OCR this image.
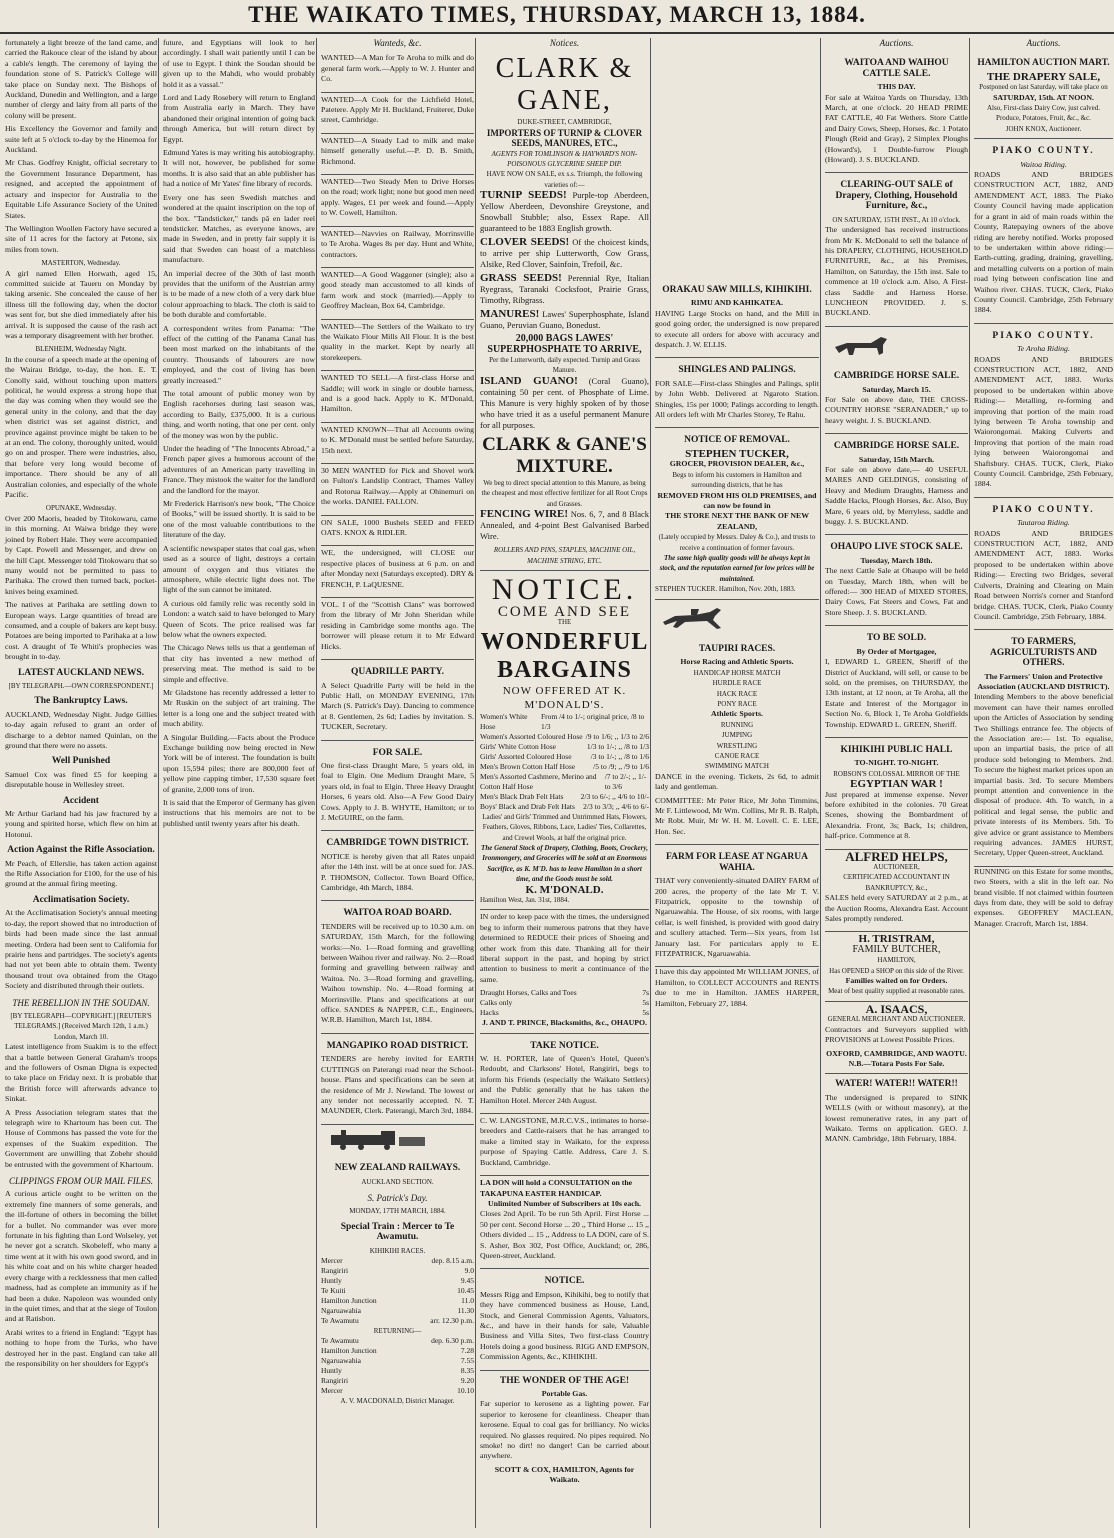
THE WAIKATO TIMES, THURSDAY, MARCH 13, 1884.

fortunately a light breeze of the land came, and carried the Rakouce clear of the island by about a cable's length. The ceremony of laying the foundation stone of S. Patrick's College will take place on Sunday next. The Bishops of Auckland, Dunedin and Wellington, and a large number of clergy and laity from all parts of the colony will be present.

His Excellency the Governor and family and suite left at 5 o'clock to-day by the Hinemoa for Auckland.

Mr Chas. Godfrey Knight, official secretary to the Government Insurance Department, has resigned, and accepted the appointment of actuary and inspector for Australia to the Equitable Life Assurance Society of the United States.

The Wellington Woollen Factory have secured a site of 11 acres for the factory at Petone, six miles from town.

MASTERTON, Wednesday.

A girl named Ellen Horwath, aged 15, committed suicide at Taueru on Monday by taking arsenic. She concealed the cause of her illness till the following day, when the doctor was sent for, but she died immediately after his arrival. It is supposed the cause of the rash act was a temporary disagreement with her brother.

BLENHEIM, Wednesday Night.

In the course of a speech made at the opening of the Wairau Bridge, to-day, the hon. E. T. Conolly said, without touching upon matters political, he would express a strong hope that the day was coming when they would see the general unity in the colony, and that the day when district was set against district, and province against province might be taken to be at an end. The colony, thoroughly united, would go on and prosper. There were industries, also, that before very long would become of importance. There should be any of all Australian colonies, and especially of the whole Pacific.

OPUNAKE, Wednesday.

Over 200 Maoris, headed by Titokowaru, came in this morning. At Waiwa bridge they were joined by Robert Hale. They were accompanied by Capt. Powell and Messenger, and drew on the hill Capt. Messenger told Titokowaru that so many would not be permitted to pass to Parihaka. The crowd then turned back, pocket-knives being examined.

The natives at Parihaka are settling down to European ways. Large quantities of bread are consumed, and a couple of bakers are kept busy. Potatoes are being imported to Parihaka at a low cost. A draught of Te Whiti's prophecies was brought in to-day.

LATEST AUCKLAND NEWS.
[BY TELEGRAPH.—OWN CORRESPONDENT.]
The Bankruptcy Laws.

AUCKLAND, Wednesday Night. Judge Gillies to-day again refused to grant an order of discharge to a debtor named Quinlan, on the ground that there were no assets.

Well Punished

Samuel Cox was fined £5 for keeping a disreputable house in Wellesley street.

Accident

Mr Arthur Garland had his jaw fractured by a young and spirited horse, which flew on him at Hotonui.

Action Against the Rifle Association.

Mr Peach, of Ellerslie, has taken action against the Rifle Association for £100, for the use of his ground at the annual firing meeting.

Acclimatisation Society.

At the Acclimatisation Society's annual meeting to-day, the report showed that no introduction of birds had been made since the last annual meeting. Ordera had been sent to California for prairie hens and partridges. The society's agents had not yet been able to obtain them. Twenty thousand trout ova obtained from the Otago Society and distributed through their outlets.

THE REBELLION IN THE SOUDAN.
[BY TELEGRAPH—COPYRIGHT.] [REUTER'S TELEGRAMS.] (Received March 12th, 1 a.m.) London, March 10.

Latest intelligence from Suakim is to the effect that a battle between General Graham's troops and the followers of Osman Digna is expected to take place on Friday next. It is probable that the British force will afterwards advance to Sinkat.

A Press Association telegram states that the telegraph wire to Khartoum has been cut. The House of Commons has passed the vote for the expenses of the Suakim expedition. The Government are unwilling that Zobehr should be entrusted with the government of Khartoum.

CLIPPINGS FROM OUR MAIL FILES.

A curious article ought to be written on the extremely fine manners of some generals, and the ill-fortune of others in becoming the billet for a bullet. No commander was ever more fortunate in his fighting than Lord Wolseley, yet he never got a scratch. Skobeleff, who many a time went at it with his own good sword, and in his white coat and on his white charger headed every charge with a recklessness that men called madness, had as complete an immunity as if he had been a duke. Napoleon was wounded only in the quiet times, and that at the siege of Toulon and at Ratisbon.

Arabi writes to a friend in England: "Egypt has nothing to hope from the Turks, who have destroyed her in the past. England can take all the responsibility on her shoulders for Egypt's

future, and Egyptians will look to her accordingly. I shall wait patiently until I can be of use to Egypt. I think the Soudan should be given up to the Mahdi, who would probably hold it as a vassal."

Lord and Lady Rosebery will return to England from Australia early in March. They have abandoned their original intention of going back through America, but will return direct by Egypt.

Edmund Yates is may writing his autobiography. It will not, however, be published for some months. It is also said that an able publisher has had a notice of Mr Yates' fine library of records.

Every one has seen Swedish matches and wondered at the quaint inscription on the top of the box. "Tandsticker," tands pâ en lader reel tendsticker. Matches, as everyone knows, are made in Sweden, and in pretty fair supply it is said that Sweden can boast of a matchless manufacture.

An imperial decree of the 30th of last month provides that the uniform of the Austrian army is to be made of a new cloth of a very dark blue colour approaching to black. The cloth is said to be both durable and comfortable.

A correspondent writes from Panama: "The effect of the cutting of the Panama Canal has been most marked on the inhabitants of the country. Thousands of labourers are now employed, and the cost of living has been greatly increased."

The total amount of public money won by English racehorses during last season was, according to Baily, £375,000. It is a curious thing, and worth noting, that one per cent. only of the money was won by the public.

Under the heading of "The Innocents Abroad," a French paper gives a humorous account of the adventures of an American party travelling in France. They mistook the waiter for the landlord and the landlord for the mayor.

Mr Frederick Harrison's new book, "The Choice of Books," will be issued shortly. It is said to be one of the most valuable contributions to the literature of the day.

A scientific newspaper states that coal gas, when used as a source of light, destroys a certain amount of oxygen and thus vitiates the atmosphere, while electric light does not. The light of the sun cannot be imitated.

A curious old family relic was recently sold in London: a watch said to have belonged to Mary Queen of Scots. The price realised was far below what the owners expected.

The Chicago News tells us that a gentleman of that city has invented a new method of preserving meat. The method is said to be simple and effective.

Mr Gladstone has recently addressed a letter to Mr Ruskin on the subject of art training. The letter is a long one and the subject treated with much ability.

A Singular Building.—Facts about the Produce Exchange building now being erected in New York will be of interest. The foundation is built upon 15,594 piles; there are 800,000 feet of yellow pine capping timber, 17,530 square feet of granite, 2,000 tons of iron.

It is said that the Emperor of Germany has given instructions that his memoirs are not to be published until twenty years after his death.

Wanteds, &c.

WANTED—A Man for Te Aroha to milk and do general farm work.—Apply to W. J. Hunter and Co.

WANTED—A Cook for the Lichfield Hotel, Patetere. Apply Mr H. Buckland, Fruiterer, Duke street, Cambridge.

WANTED—A Steady Lad to milk and make himself generally useful.—P. D. B. Smith, Richmond.

WANTED—Two Steady Men to Drive Horses on the road; work light; none but good men need apply. Wages, £1 per week and found.—Apply to W. Cowell, Hamilton.

WANTED—Navvies on Railway, Morrinsville to Te Aroha. Wages 8s per day. Hunt and White, contractors.

WANTED—A Good Waggoner (single); also a good steady man accustomed to all kinds of farm work and stock (married).—Apply to Geoffrey Maclean, Box 64, Cambridge.

WANTED—The Settlers of the Waikato to try the Waikato Flour Mills All Flour. It is the best quality in the market. Kept by nearly all storekeepers.

WANTED TO SELL—A first-class Horse and Saddle; will work in single or double harness, and is a good hack. Apply to K. M'Donald, Hamilton.

WANTED KNOWN—That all Accounts owing to K. M'Donald must be settled before Saturday, 15th next.

30 MEN WANTED for Pick and Shovel work on Fulton's Landslip Contract, Thames Valley and Rotorua Railway.—Apply at Ohinemuri on the works. DANIEL FALLON.

ON SALE, 1000 Bushels SEED and FEED OATS. KNOX & RIDLER.

WE, the undersigned, will CLOSE our respective places of business at 6 p.m. on and after Monday next (Saturdays excepted). DRY & FRENCH, P. LaQUESNE.

VOL. I of the "Scottish Clans" was borrowed from the library of Mr John Sheridan while residing in Cambridge some months ago. The borrower will please return it to Mr Edward Hicks.

QUADRILLE PARTY.

A Select Quadrille Party will be held in the Public Hall, on MONDAY EVENING, 17th March (S. Patrick's Day). Dancing to commence at 8. Gentlemen, 2s 6d; Ladies by invitation. S. TUCKER, Secretary.

FOR SALE.

One first-class Draught Mare, 5 years old, in foal to Elgin. One Medium Draught Mare, 5 years old, in foal to Elgin. Three Heavy Draught Horses, 6 years old. Also—A Few Good Dairy Cows. Apply to J. B. WHYTE, Hamilton; or to J. McGUIRE, on the farm.

CAMBRIDGE TOWN DISTRICT.

NOTICE is hereby given that all Rates unpaid after the 14th inst. will be at once sued for. JAS. P. THOMSON, Collector. Town Board Office, Cambridge, 4th March, 1884.

WAITOA ROAD BOARD.

TENDERS will be received up to 10.30 a.m. on SATURDAY, 15th March, for the following works:—No. 1—Road forming and gravelling between Waihou river and railway. No. 2—Road forming and gravelling between railway and Waitoa. No. 3—Road forming and gravelling, Waihou township. No. 4—Road forming at Morrinsville. Plans and specifications at our office. SANDES & NAPPER, C.E., Engineers, W.R.B. Hamilton, March 1st, 1884.

MANGAPIKO ROAD DISTRICT.

TENDERS are hereby invited for EARTH CUTTINGS on Paterangi road near the School-house. Plans and specifications can be seen at the residence of Mr J. Newland. The lowest or any tender not necessarily accepted. N. T. MAUNDER, Clerk. Paterangi, March 3rd, 1884.

NEW ZEALAND RAILWAYS.
AUCKLAND SECTION.
S. Patrick's Day.
MONDAY, 17TH MARCH, 1884.
Special Train : Mercer to Te Awamutu.
KIHIKIHI RACES.
Mercer	dep. 8.15 a.m.
Rangiriri	9.0
Huntly	9.45
Te Kuiti	10.45
Hamilton Junction	11.0
Ngaruawahia	11.30
Te Awamutu	arr. 12.30 p.m.
RETURNING—
Te Awamutu	dep. 6.30 p.m.
Hamilton Junction	7.28
Ngaruawahia	7.55
Huntly	8.35
Rangiriri	9.20
Mercer	10.10
A. V. MACDONALD, District Manager.
Notices.
CLARK & GANE,
DUKE-STREET, CAMBRIDGE,
IMPORTERS OF TURNIP & CLOVER SEEDS, MANURES, ETC.,
AGENTS FOR TOMLINSON & HAYWARD'S NON-POISONOUS GLYCERINE SHEEP DIP.
HAVE NOW ON SALE, ex s.s. Triumph, the following varieties of:—

TURNIP SEEDS! Purple-top Aberdeen, Yellow Aberdeen, Devonshire Greystone, and Snowball Stubble; also, Essex Rape. All guaranteed to be 1883 English growth.

CLOVER SEEDS! Of the choicest kinds, to arrive per ship Lutterworth, Cow Grass, Alsike, Red Clover, Sainfoin, Trefoil, &c.

GRASS SEEDS! Perennial Rye, Italian Ryegrass, Taranaki Cocksfoot, Prairie Grass, Timothy, Ribgrass.

MANURES! Lawes' Superphosphate, Island Guano, Peruvian Guano, Bonedust.

20,000 BAGS LAWES' SUPERPHOSPHATE TO ARRIVE,
Per the Lutterworth, daily expected. Turnip and Grass Manure.

ISLAND GUANO! (Coral Guano), containing 50 per cent. of Phosphate of Lime. This Manure is very highly spoken of by those who have tried it as a useful permanent Manure for all purposes.

CLARK & GANE'S MIXTURE.
We beg to direct special attention to this Manure, as being the cheapest and most effective fertilizer for all Root Crops and Grasses.

FENCING WIRE! Nos. 6, 7, and 8 Black Annealed, and 4-point Best Galvanised Barbed Wire.

ROLLERS AND PINS, STAPLES, MACHINE OIL, MACHINE STRING, ETC.
NOTICE.
COME AND SEE
THE
WONDERFUL BARGAINS
NOW OFFERED AT K. M'DONALD'S.
Women's White Hose
From /4 to 1/-; original price, /8 to 1/3
Women's Assorted Coloured Hose /9 to 1/6; ,, 1/3 to 2/6
Girls' White Cotton Hose	1/3 to 1/-; ,, /8 to 1/3
Girls' Assorted Coloured Hose	/3 to 1/-; ,, /8 to 1/6
Men's Brown Cotton Half Hose /5 to /9; ,, /9 to 1/6
Men's Assorted Cashmere, Merino and Cotton Half Hose
/7 to 2/-; ,, 1/- to 3/6
Men's Black Drab Felt Hats 2/3 to 6/-; ,, 4/6 to 10/-
Boys' Black and Drab Felt Hats 2/3 to 3/3; ,, 4/6 to 6/-
Ladies' and Girls' Trimmed and Untrimmed Hats, Flowers, Feathers, Gloves, Ribbons, Lace, Ladies' Ties, Collarettes, and Crewel Wools, at half the original price.
The General Stock of Drapery, Clothing, Boots, Crockery, Ironmongery, and Groceries will be sold at an Enormous Sacrifice, as K. M'D. has to leave Hamilton in a short time, and the Goods must be sold.
K. M'DONALD.
Hamilton West, Jan. 31st, 1884.

IN order to keep pace with the times, the undersigned beg to inform their numerous patrons that they have determined to REDUCE their prices of Shoeing and other work from this date. Thanking all for their liberal support in the past, and hoping by strict attention to business to merit a continuance of the same.

Draught Horses, Calks and Toes	7s
Calks only	5s
Hacks	5s
J. AND T. PRINCE, Blacksmiths, &c., OHAUPO.
TAKE NOTICE.

W. H. PORTER, late of Queen's Hotel, Queen's Redoubt, and Clarksons' Hotel, Rangiriri, begs to inform his Friends (especially the Waikato Settlers) and the Public generally that he has taken the Hamilton Hotel. Mercer 24th August.

C. W. LANGSTONE, M.R.C.V.S., intimates to horse-breeders and Cattle-raisers that he has arranged to make a limited stay in Waikato, for the express purpose of Spaying Cattle. Address, Care J. S. Buckland, Cambridge.

LA DON will hold a CONSULTATION on the TAKAPUNA EASTER HANDICAP.
Unlimited Number of Subscribers at 10s each.

Closes 2nd April. To be run 5th April. First Horse ... 50 per cent. Second Horse ... 20 ,, Third Horse ... 15 ,, Others divided ... 15 ,, Address to LA DON, care of S. S. Asher, Box 302, Post Office, Auckland; or, 286, Queen-street, Auckland.

NOTICE.

Messrs Rigg and Empson, Kihikihi, beg to notify that they have commenced business as House, Land, Stock, and General Commission Agents, Valuators, &c., and have in their hands for sale, Valuable Business and Villa Sites, Two first-class Country Hotels doing a good business. RIGG AND EMPSON, Commission Agents, &c., KIHIKIHI.

THE WONDER OF THE AGE!
Portable Gas.

Far superior to kerosene as a lighting power. Far superior to kerosene for cleanliness. Cheaper than kerosene. Equal to coal gas for brilliancy. No wicks required. No glasses required. No pipes required. No smoke! no dirt! no danger! Can be carried about anywhere.

SCOTT & COX, HAMILTON, Agents for Waikato.
ORAKAU SAW MILLS, KIHIKIHI.
RIMU AND KAHIKATEA.

HAVING Large Stocks on hand, and the Mill in good going order, the undersigned is now prepared to execute all orders for above with accuracy and despatch. J. W. ELLIS.

SHINGLES AND PALINGS.

FOR SALE—First-class Shingles and Palings, split by John Webb. Delivered at Ngaroto Station. Shingles, 15s per 1000; Palings according to length. All orders left with Mr Charles Storey, Te Rahu.

NOTICE OF REMOVAL.
STEPHEN TUCKER,
GROCER, PROVISION DEALER, &c.,
Begs to inform his customers in Hamilton and surrounding districts, that he has
REMOVED FROM HIS OLD PREMISES, and can now be found in
THE STORE NEXT THE BANK OF NEW ZEALAND,
(Lately occupied by Messrs. Daley & Co.), and trusts to receive a continuation of former favours.
The same high quality goods will be always kept in stock, and the reputation earned for low prices will be maintained.
STEPHEN TUCKER. Hamilton, Nov. 20th, 1883.
TAUPIRI RACES.
Horse Racing and Athletic Sports.
HANDICAP HORSE MATCH
HURDLE RACE
HACK RACE
PONY RACE
Athletic Sports.
RUNNING
JUMPING
WRESTLING
CANOE RACE
SWIMMING MATCH

DANCE in the evening. Tickets, 2s 6d, to admit lady and gentleman.

COMMITTEE: Mr Peter Rice, Mr John Timmins, Mr F. Littlewood, Mr Wm. Collins, Mr R. B. Ralph, Mr Robt. Muir, Mr W. H. M. Lovell. C. E. LEE, Hon. Sec.

FARM FOR LEASE AT NGARUA WAHIA.

THAT very conveniently-situated DAIRY FARM of 200 acres, the property of the late Mr T. V. Fitzpatrick, opposite to the township of Ngaruawahia. The House, of six rooms, with large cellar, is well finished, is provided with good dairy and scullery attached. Term—Six years, from 1st January last. For particulars apply to E. FITZPATRICK, Ngaruawahia.

I have this day appointed Mr WILLIAM JONES, of Hamilton, to COLLECT ACCOUNTS and RENTS due to me in Hamilton. JAMES HARPER, Hamilton, February 27, 1884.

Auctions.
WAITOA AND WAIHOU CATTLE SALE.
THIS DAY.

For sale at Waitoa Yards on Thursday, 13th March, at one o'clock. 20 HEAD PRIME FAT CATTLE, 40 Fat Wethers. Store Cattle and Dairy Cows, Sheep, Horses, &c. 1 Potato Plough (Reid and Gray), 2 Simplex Ploughs (Howard's), 1 Double-furrow Plough (Howard). J. S. BUCKLAND.

CLEARING-OUT SALE of Drapery, Clothing, Household Furniture, &c.,
ON SATURDAY, 15TH INST., At 10 o'clock.

The undersigned has received instructions from Mr K. McDonald to sell the balance of his DRAPERY, CLOTHING, HOUSEHOLD FURNITURE, &c., at his Premises, Hamilton, on Saturday, the 15th inst. Sale to commence at 10 o'clock a.m. Also, A First-class Saddle and Harness Horse. LUNCHEON PROVIDED. J. S. BUCKLAND.

CAMBRIDGE HORSE SALE.
Saturday, March 15.

For Sale on above date, THE CROSS-COUNTRY HORSE "SERANADER," up to heavy weight. J. S. BUCKLAND.

CAMBRIDGE HORSE SALE.
Saturday, 15th March.

For sale on above date,— 40 USEFUL MARES AND GELDINGS, consisting of Heavy and Medium Draughts, Harness and Saddle Hacks, Plough Horses, &c. Also, Buy Mare, 6 years old, by Merryless, saddle and buggy. J. S. BUCKLAND.

OHAUPO LIVE STOCK SALE.
Tuesday, March 18th.

The next Cattle Sale at Ohaupo will be held on Tuesday, March 18th, when will be offered:— 300 HEAD of MIXED STORES, Dairy Cows, Fat Steers and Cows, Fat and Store Sheep. J. S. BUCKLAND.

TO BE SOLD.
By Order of Mortgagee,

I, EDWARD L. GREEN, Sheriff of the District of Auckland, will sell, or cause to be sold, on the premises, on THURSDAY, the 13th instant, at 12 noon, at Te Aroha, all the Estate and Interest of the Mortgagor in Section No. 6, Block 1, Te Aroha Goldfields Township. EDWARD L. GREEN, Sheriff.

KIHIKIHI PUBLIC HALL
TO-NIGHT. TO-NIGHT.
ROBSON'S COLOSSAL MIRROR OF THE
EGYPTIAN WAR !

Just prepared at immense expense. Never before exhibited in the colonies. 70 Great Scenes, showing the Bombardment of Alexandria. Front, 3s; Back, 1s; children, half-price. Commence at 8.

ALFRED HELPS,
AUCTIONEER,
CERTIFICATED ACCOUNTANT IN BANKRUPTCY, &c.,

SALES held every SATURDAY at 2 p.m., at the Auction Rooms, Alexandra East. Account Sales promptly rendered.

H. TRISTRAM,
FAMILY BUTCHER,
HAMILTON,
Has OPENED a SHOP on this side of the River.
Families waited on for Orders.
Meat of best quality supplied at reasonable rates.
A. ISAACS,
GENERAL MERCHANT AND AUCTIONEER.

Contractors and Surveyors supplied with PROVISIONS at Lowest Possible Prices.

OXFORD, CAMBRIDGE, AND WAOTU.
N.B.—Totara Posts For Sale.
WATER! WATER!! WATER!!

The undersigned is prepared to SINK WELLS (with or without masonry), at the lowest remunerative rates, in any part of Waikato. Terms on application. GEO. J. MANN. Cambridge, 18th February, 1884.

Auctions.
HAMILTON AUCTION MART.
THE DRAPERY SALE,
Postponed on last Saturday, will take place on
SATURDAY, 15th. AT NOON.
Also, First-class Dairy Cow, just calved. Produce, Potatoes, Fruit, &c., &c.
JOHN KNOX, Auctioneer.
PIAKO COUNTY.
Waitoa Riding.

ROADS AND BRIDGES CONSTRUCTION ACT, 1882, AND AMENDMENT ACT, 1883. The Piako County Council having made application for a grant in aid of main roads within the County, Ratepaying owners of the above riding are hereby notified. Works proposed to be undertaken within above riding:— Earth-cutting, grading, draining, gravelling, and metalling culverts on a portion of main road lying between confiscation line and Waihou river. CHAS. TUCK, Clerk, Piako County Council. Cambridge, 25th February 1884.

PIAKO COUNTY.
Te Aroha Riding.

ROADS AND BRIDGES CONSTRUCTION ACT, 1882, AND AMENDMENT ACT, 1883. Works proposed to be undertaken within above Riding:— Metalling, re-forming and improving that portion of the main road lying between Te Aroha township and Waiorongomai. Making Culverts and Improving that portion of the main road lying between Waiorongomai and Shaftsbury. CHAS. TUCK, Clerk, Piako County Council. Cambridge, 25th February, 1884.

PIAKO COUNTY.
Tautaroa Riding.

ROADS AND BRIDGES CONSTRUCTION ACT, 1882, AND AMENDMENT ACT, 1883. Works proposed to be undertaken within above Riding:— Erecting two Bridges, several Culverts, Draining and Clearing on Main Road between Norris's corner and Stanford bridge. CHAS. TUCK, Clerk, Piako County Council. Cambridge, 25th February, 1884.

TO FARMERS, AGRICULTURISTS AND OTHERS.
The Farmers' Union and Protective Association (AUCKLAND DISTRICT).

Intending Members to the above beneficial movement can have their names enrolled upon the Articles of Association by sending Two Shillings entrance fee. The objects of the Association are:— 1st. To equalise, upon an impartial basis, the price of all produce sold belonging to Members. 2nd. To secure the highest market prices upon an impartial basis. 3rd. To secure Members prompt attention and convenience in the disposal of produce. 4th. To watch, in a political and legal sense, the public and private interests of its Members. 5th. To give advice or grant assistance to Members requiring advances. JAMES HURST, Secretary, Upper Queen-street, Auckland.

RUNNING on this Estate for some months, two Steers, with a slit in the left ear. No brand visible. If not claimed within fourteen days from date, they will be sold to defray expenses. GEOFFREY MACLEAN, Manager. Cracroft, March 1st, 1884.
